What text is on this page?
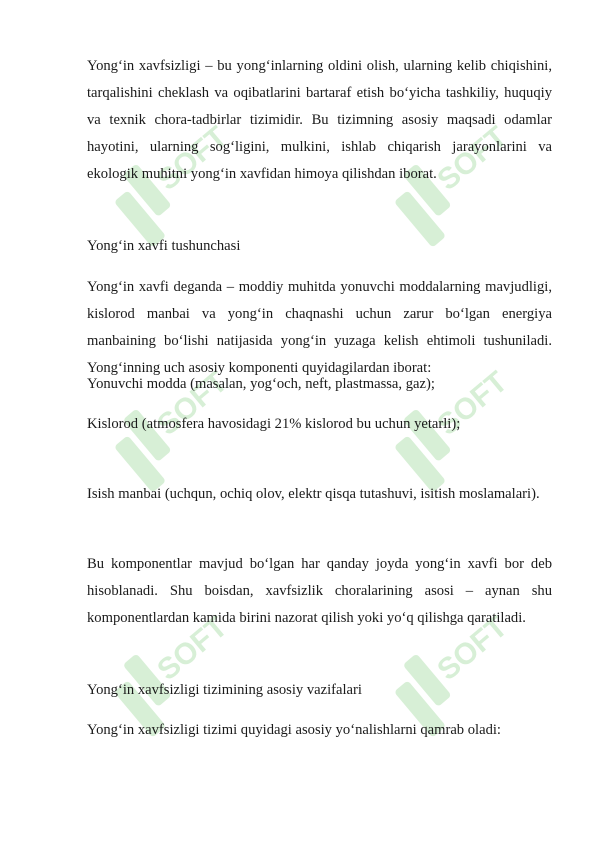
SOFT	SOFT
SOFT	SOFT
SOFT	SOFT

Yong‘in xavfsizligi – bu yong‘inlarning oldini olish, ularning kelib chiqishini, tarqalishini cheklash va oqibatlarini bartaraf etish bo‘yicha tashkiliy, huquqiy va texnik chora-tadbirlar tizimidir. Bu tizimning asosiy maqsadi odamlar hayotini, ularning sog‘ligini, mulkini, ishlab chiqarish jarayonlarini va ekologik muhitni yong‘in xavfidan himoya qilishdan iborat.

Yong‘in xavfi tushunchasi

Yong‘in xavfi deganda – moddiy muhitda yonuvchi moddalarning mavjudligi, kislorod manbai va yong‘in chaqnashi uchun zarur bo‘lgan energiya manbaining bo‘lishi natijasida yong‘in yuzaga kelish ehtimoli tushuniladi. Yong‘inning uch asosiy komponenti quyidagilardan iborat:

Yonuvchi modda (masalan, yog‘och, neft, plastmassa, gaz);

Kislorod (atmosfera havosidagi 21% kislorod bu uchun yetarli);

Isish manbai (uchqun, ochiq olov, elektr qisqa tutashuvi, isitish moslamalari).

Bu komponentlar mavjud bo‘lgan har qanday joyda yong‘in xavfi bor deb hisoblanadi. Shu boisdan, xavfsizlik choralarining asosi – aynan shu komponentlardan kamida birini nazorat qilish yoki yo‘q qilishga qaratiladi.

Yong‘in xavfsizligi tizimining asosiy vazifalari

Yong‘in xavfsizligi tizimi quyidagi asosiy yo‘nalishlarni qamrab oladi:
